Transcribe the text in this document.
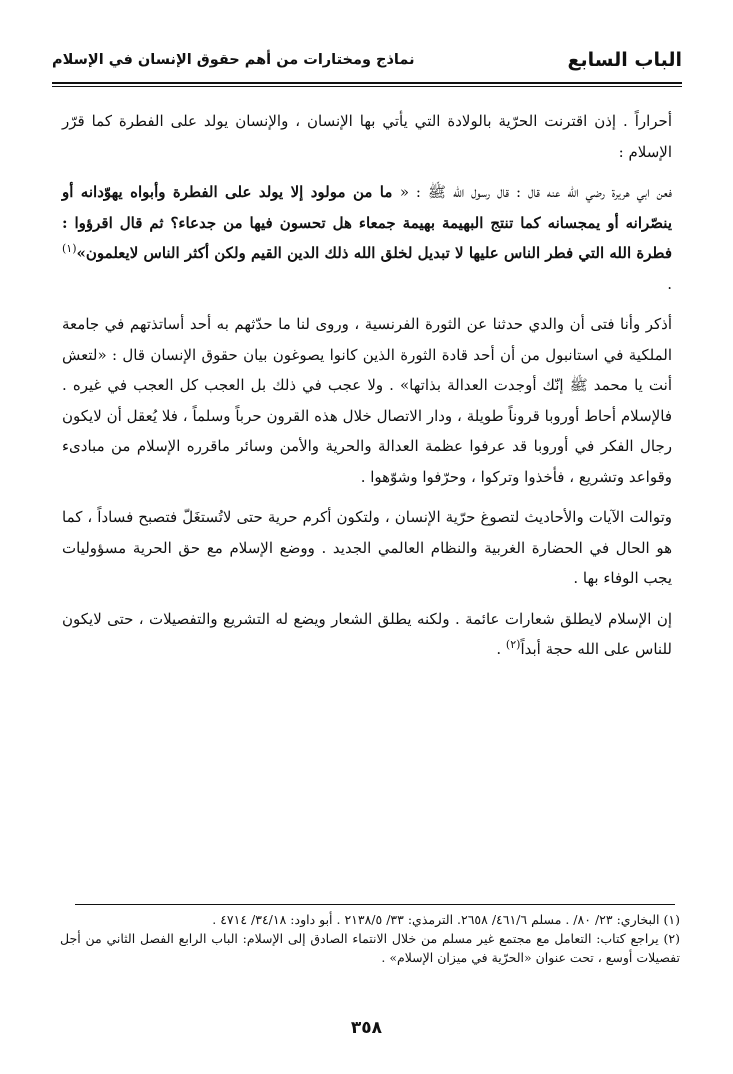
الباب السابع
نماذج ومختارات من أهم حقوق الإنسان في الإسلام

أحراراً . إذن اقترنت الحرّية بالولادة التي يأتي بها الإنسان ، والإنسان يولد على الفطرة كما قرّر الإسلام :

فعن ابي هريرة رضي الله عنه قال : قال رسول الله ﷺ : « ما من مولود إلا يولد على الفطرة وأبواه يهوّدانه أو ينصّرانه أو يمجسانه كما تنتج البهيمة بهيمة جمعاء هل تحسون فيها من جدعاء؟ ثم قال اقرؤوا : فطرة الله التي فطر الناس عليها لا تبديل لخلق الله ذلك الدين القيم ولكن أكثر الناس لايعلمون»$^{(١)}$ .

أذكر وأنا فتى أن والدي حدثنا عن الثورة الفرنسية ، وروى لنا ما حدّثهم به أحد أساتذتهم في جامعة الملكية في استانبول من أن أحد قادة الثورة الذين كانوا يصوغون بيان حقوق الإنسان قال : «لتعش أنت يا محمد ﷺ إنّك أوجدت العدالة بذاتها» . ولا عجب في ذلك بل العجب كل العجب في غيره . فالإسلام أحاط أوروبا قروناً طويلة ، ودار الاتصال خلال هذه القرون حرباً وسلماً ، فلا يُعقل أن لايكون رجال الفكر في أوروبا قد عرفوا عظمة العدالة والحرية والأمن وسائر ماقرره الإسلام من مبادىء وقواعد وتشريع ، فأخذوا وتركوا ، وحرّفوا وشوّهوا .

وتوالت الآيات والأحاديث لتصوغ حرّية الإنسان ، ولتكون أكرم حرية حتى لاتُستغَلّ فتصبح فساداً ، كما هو الحال في الحضارة الغربية والنظام العالمي الجديد . ووضع الإسلام مع حق الحرية مسؤوليات يجب الوفاء بها .

إن الإسلام لايطلق شعارات عائمة . ولكنه يطلق الشعار ويضع له التشريع والتفصيلات ، حتى لايكون للناس على الله حجة أبداً$^{(٢)}$ .

(١) البخاري: ٢٣/ ٨٠/ . مسلم ٤٦١/٦/ ٢٦٥٨. الترمذي: ٣٣/ ٢١٣٨/٥ . أبو داود: ٣٤/١٨/ ٤٧١٤ .

(٢) يراجع كتاب: التعامل مع مجتمع غير مسلم من خلال الانتماء الصادق إلى الإسلام: الباب الرابع الفصل الثاني من أجل تفصيلات أوسع ، تحت عنوان «الحرّية في ميزان الإسلام» .

٣٥٨
